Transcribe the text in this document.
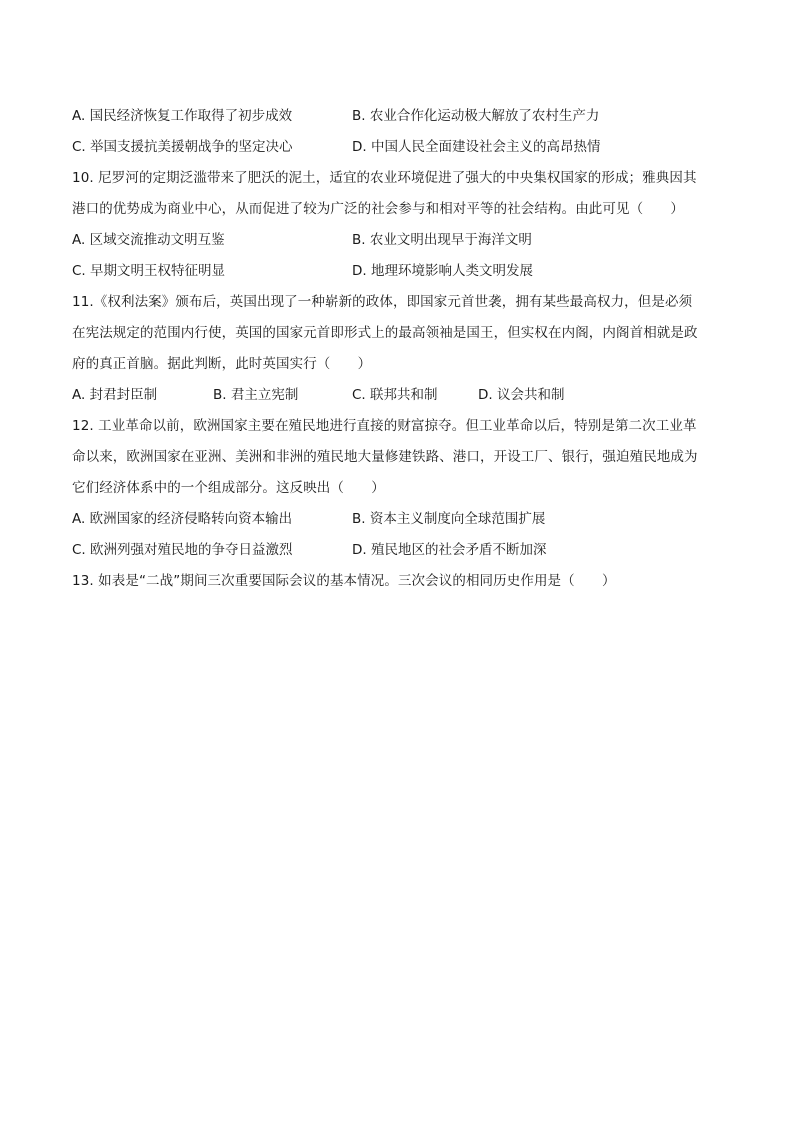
A. 国民经济恢复工作取得了初步成效	B. 农业合作化运动极大解放了农村生产力
C. 举国支援抗美援朝战争的坚定决心	D. 中国人民全面建设社会主义的高昂热情
10. 尼罗河的定期泛滥带来了肥沃的泥土，适宜的农业环境促进了强大的中央集权国家的形成；雅典因其
港口的优势成为商业中心，从而促进了较为广泛的社会参与和相对平等的社会结构。由此可见（　　）
A. 区域交流推动文明互鉴	B. 农业文明出现早于海洋文明
C. 早期文明王权特征明显	D. 地理环境影响人类文明发展
11.《权利法案》颁布后，英国出现了一种崭新的政体，即国家元首世袭，拥有某些最高权力，但是必须
在宪法规定的范围内行使，英国的国家元首即形式上的最高领袖是国王，但实权在内阁，内阁首相就是政
府的真正首脑。据此判断，此时英国实行（　　）
A. 封君封臣制	B. 君主立宪制	C. 联邦共和制	D. 议会共和制
12. 工业革命以前，欧洲国家主要在殖民地进行直接的财富掠夺。但工业革命以后，特别是第二次工业革
命以来，欧洲国家在亚洲、美洲和非洲的殖民地大量修建铁路、港口，开设工厂、银行，强迫殖民地成为
它们经济体系中的一个组成部分。这反映出（　　）
A. 欧洲国家的经济侵略转向资本输出	B. 资本主义制度向全球范围扩展
C. 欧洲列强对殖民地的争夺日益激烈	D. 殖民地区的社会矛盾不断加深
13. 如表是“二战”期间三次重要国际会议的基本情况。三次会议的相同历史作用是（　　）
